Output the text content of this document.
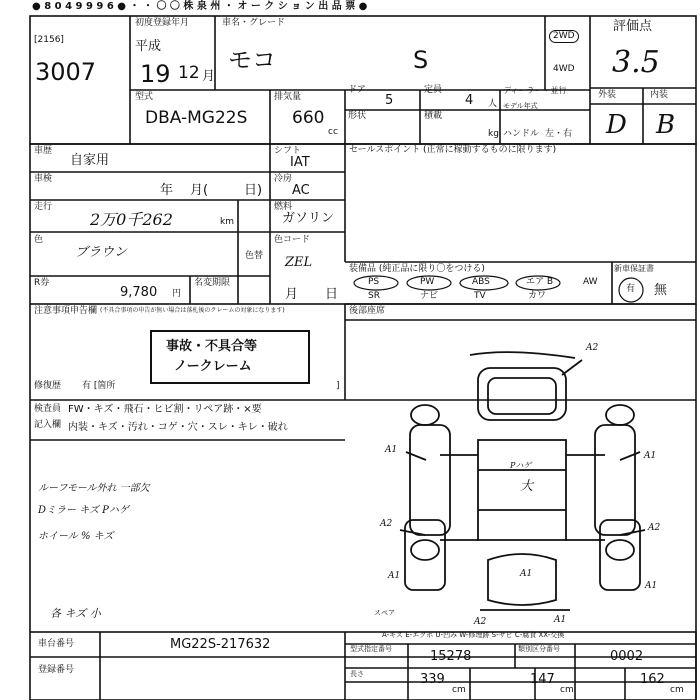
● 8 0 4 9 9 9 6 ● ・ ・ 〇 〇 株 泉 州 ・ オ ー ク シ ョ ン 出 品 票 ●
[2156]
3007
初度登録年月
平成
19 12 月
車名・グレード
モコ	S
2WD
4WD
評価点
3.5
外装	内装
D B
型式
DBA-MG22S
排気量
660
cc
ドア
5
定員
4 人
ディーラー・並行
モデル年式
形状	積載
kg ハンドル 左・右
車歴
自家用
車検
年 月(	日)
走行
2万0千262	km
色
ブラウン	色替
色コード
ZEL
R券
9,780 円
名変期限
月 日
シフト
IAT
冷房
AC
燃料
ガソリン
セールスポイント (正常に稼動するものに限ります)
装備品 (純正品に限り〇をつける)
PS	PW	ABS	エア B	AW
SR	ナビ	TV	カワ
新車保証書
有 無
後部座席
注意事項申告欄 (不具合事項の申告が無い場合は落札後のクレームの対象になります)
事故・不具合等
ノークレーム
修復歴 有 [箇所	]
検査員
記入欄
FW・キズ・飛石・ヒビ割・リペア跡・×要
内装・キズ・汚れ・コゲ・穴・スレ・キレ・破れ
ルーフモール外れ 一部欠
Dミラー キズ Pハゲ
ホイール % キズ
各 キズ 小
A2
A1
A1
Pハゲ
大
A2	A2
A1	A1
A1
A2	A1
スペア
A-キズ E-エクボ U-凹み W-修理跡 S-サビ C-腐食 XX-交換
車台番号	MG22S-217632
登録番号
型式指定番号	15278	類別区分番号	0002
長さ	339
cm
147
cm
162
cm
